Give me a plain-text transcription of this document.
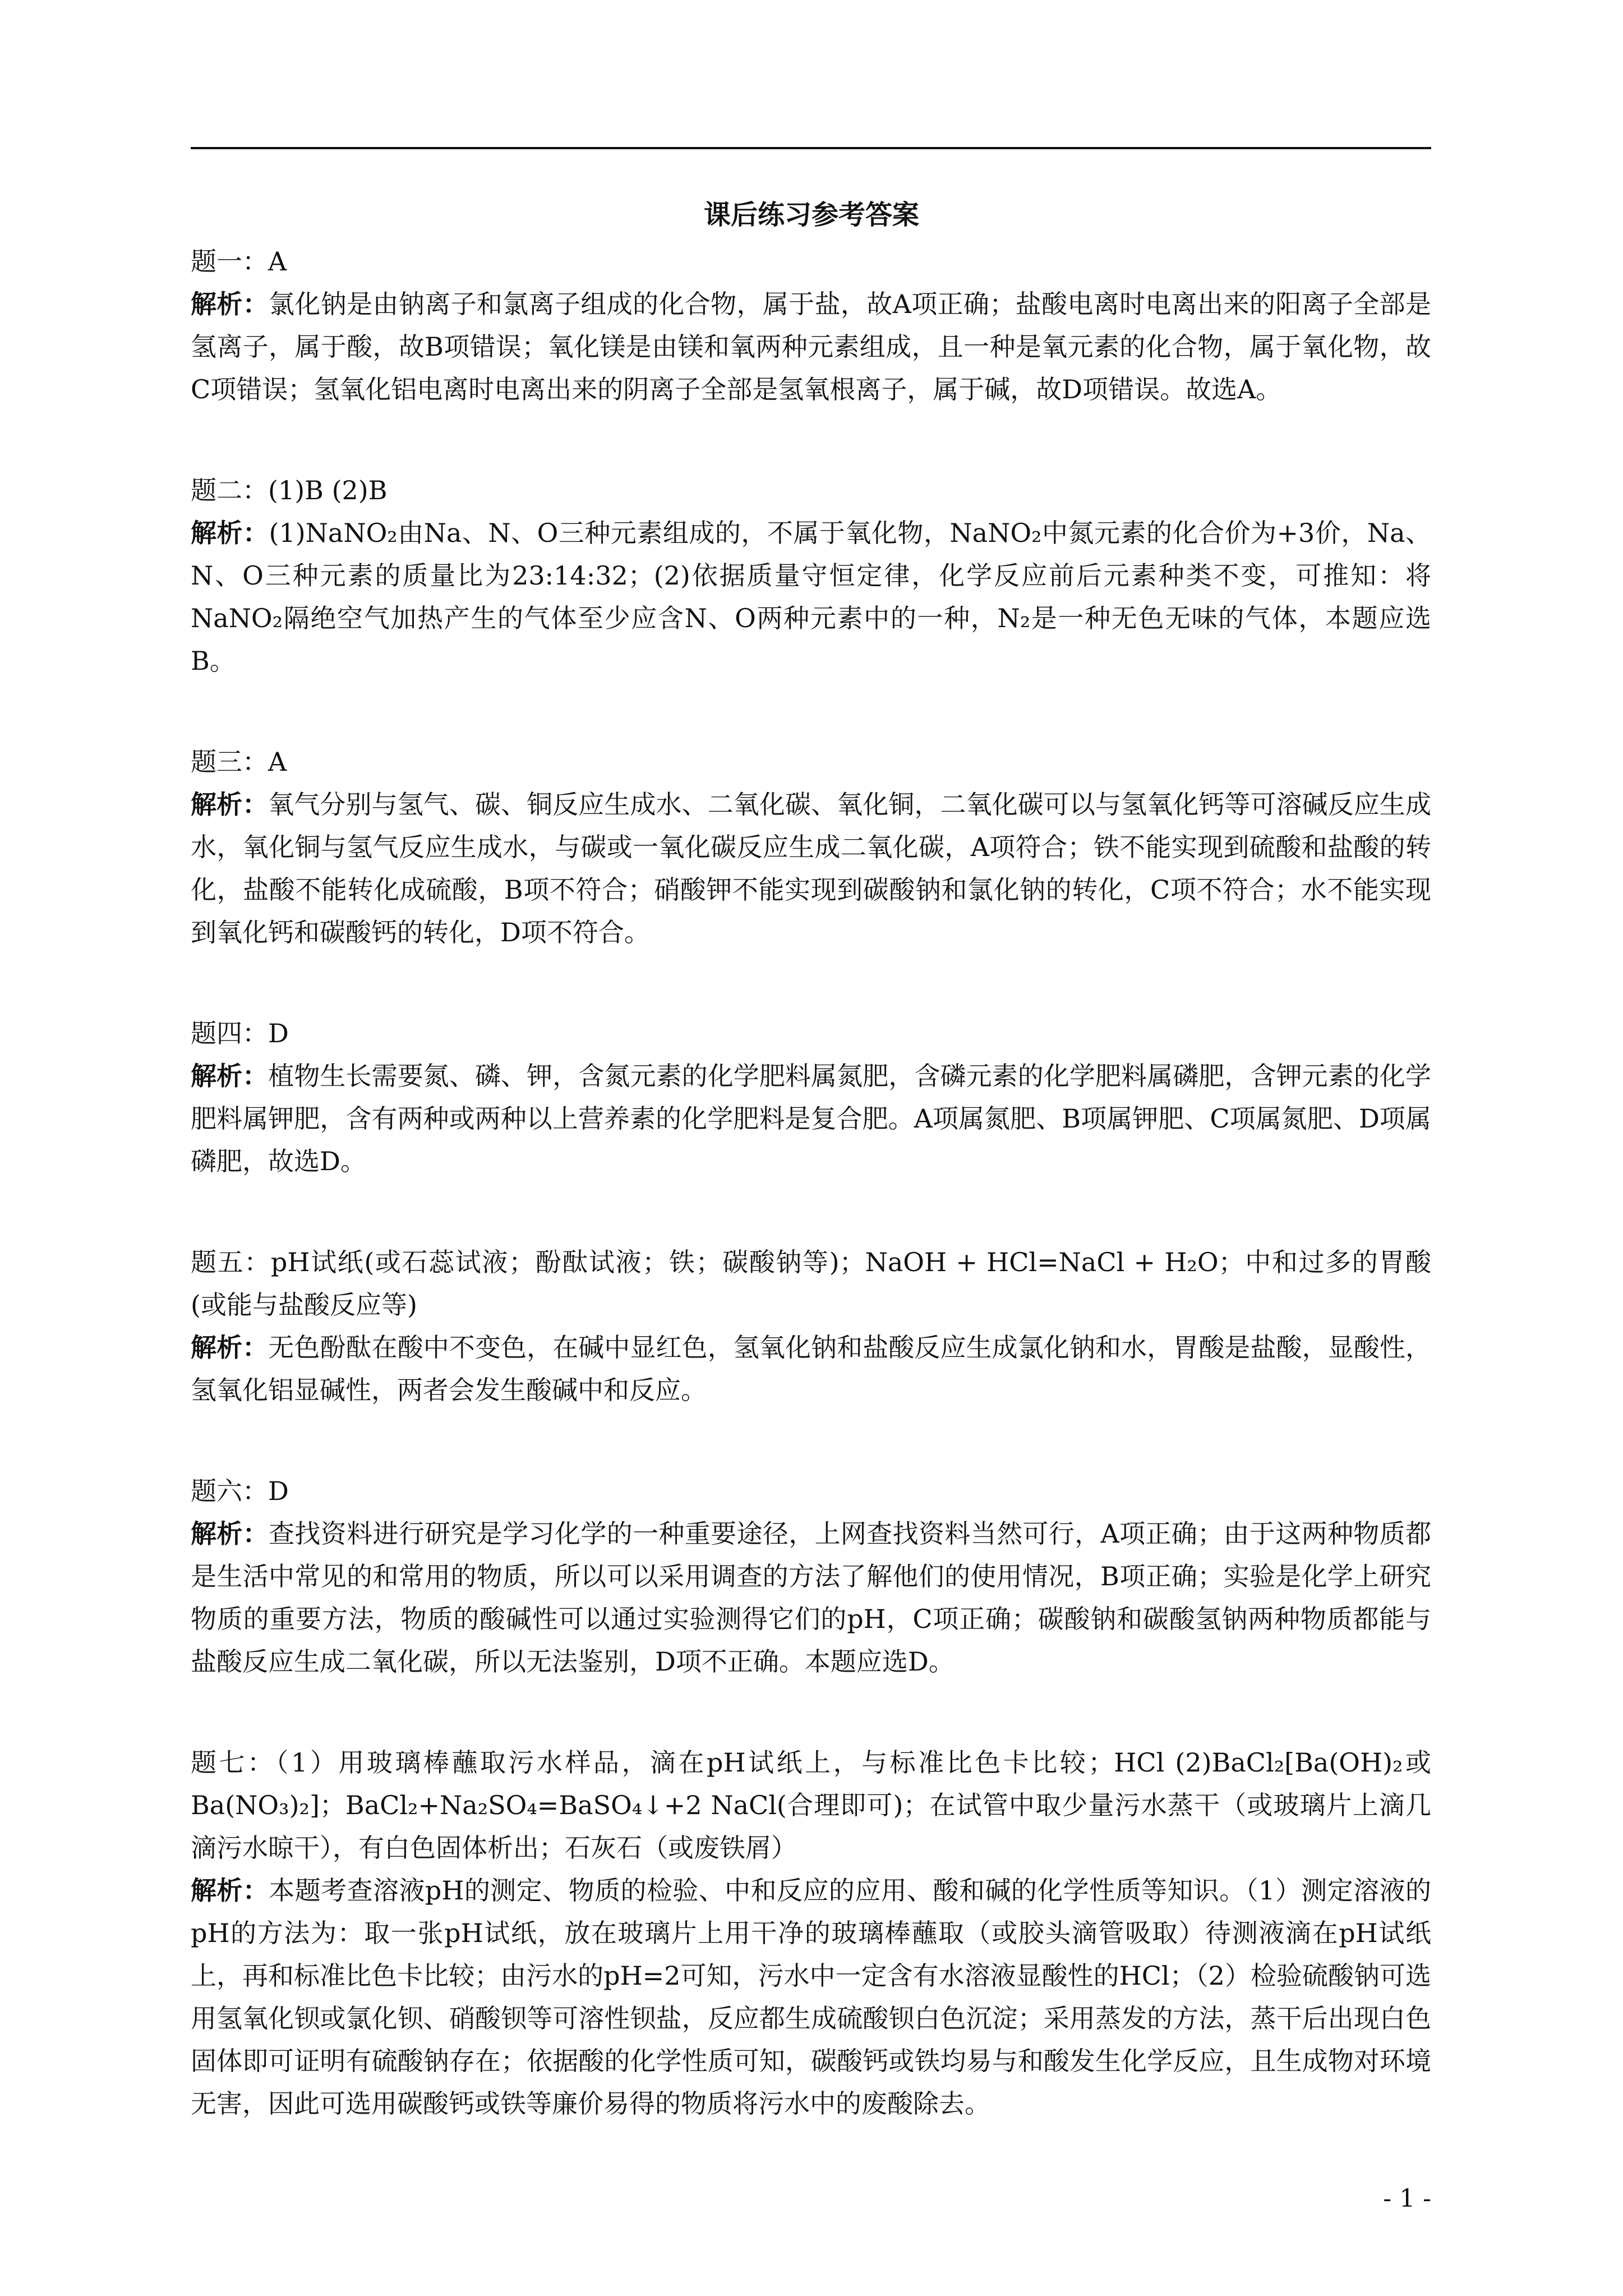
课后练习参考答案

题一：A

解析：氯化钠是由钠离子和氯离子组成的化合物，属于盐，故A项正确；盐酸电离时电离出来的阳离子全部是氢离子，属于酸，故B项错误；氧化镁是由镁和氧两种元素组成，且一种是氧元素的化合物，属于氧化物，故C项错误；氢氧化铝电离时电离出来的阴离子全部是氢氧根离子，属于碱，故D项错误。故选A。

题二：(1)B (2)B

解析：(1)NaNO₂由Na、N、O三种元素组成的，不属于氧化物，NaNO₂中氮元素的化合价为+3价，Na、N、O三种元素的质量比为23:14:32；(2)依据质量守恒定律，化学反应前后元素种类不变，可推知：将NaNO₂隔绝空气加热产生的气体至少应含N、O两种元素中的一种，N₂是一种无色无味的气体，本题应选B。

题三：A

解析：氧气分别与氢气、碳、铜反应生成水、二氧化碳、氧化铜，二氧化碳可以与氢氧化钙等可溶碱反应生成水，氧化铜与氢气反应生成水，与碳或一氧化碳反应生成二氧化碳，A项符合；铁不能实现到硫酸和盐酸的转化，盐酸不能转化成硫酸，B项不符合；硝酸钾不能实现到碳酸钠和氯化钠的转化，C项不符合；水不能实现到氧化钙和碳酸钙的转化，D项不符合。

题四：D

解析：植物生长需要氮、磷、钾，含氮元素的化学肥料属氮肥，含磷元素的化学肥料属磷肥，含钾元素的化学肥料属钾肥，含有两种或两种以上营养素的化学肥料是复合肥。A项属氮肥、B项属钾肥、C项属氮肥、D项属磷肥，故选D。

题五：pH试纸(或石蕊试液；酚酞试液；铁；碳酸钠等)；NaOH + HCl=NaCl + H₂O；中和过多的胃酸(或能与盐酸反应等)

解析：无色酚酞在酸中不变色，在碱中显红色，氢氧化钠和盐酸反应生成氯化钠和水，胃酸是盐酸，显酸性，氢氧化铝显碱性，两者会发生酸碱中和反应。

题六：D

解析：查找资料进行研究是学习化学的一种重要途径，上网查找资料当然可行，A项正确；由于这两种物质都是生活中常见的和常用的物质，所以可以采用调查的方法了解他们的使用情况，B项正确；实验是化学上研究物质的重要方法，物质的酸碱性可以通过实验测得它们的pH，C项正确；碳酸钠和碳酸氢钠两种物质都能与盐酸反应生成二氧化碳，所以无法鉴别，D项不正确。本题应选D。

题七：（1）用玻璃棒蘸取污水样品，滴在pH试纸上，与标准比色卡比较；HCl (2)BaCl₂[Ba(OH)₂或Ba(NO₃)₂]；BaCl₂+Na₂SO₄=BaSO₄↓+2 NaCl(合理即可)；在试管中取少量污水蒸干（或玻璃片上滴几滴污水晾干），有白色固体析出；石灰石（或废铁屑）

解析：本题考查溶液pH的测定、物质的检验、中和反应的应用、酸和碱的化学性质等知识。（1）测定溶液的pH的方法为：取一张pH试纸，放在玻璃片上用干净的玻璃棒蘸取（或胶头滴管吸取）待测液滴在pH试纸上，再和标准比色卡比较；由污水的pH=2可知，污水中一定含有水溶液显酸性的HCl；（2）检验硫酸钠可选用氢氧化钡或氯化钡、硝酸钡等可溶性钡盐，反应都生成硫酸钡白色沉淀；采用蒸发的方法，蒸干后出现白色固体即可证明有硫酸钠存在；依据酸的化学性质可知，碳酸钙或铁均易与和酸发生化学反应，且生成物对环境无害，因此可选用碳酸钙或铁等廉价易得的物质将污水中的废酸除去。

- 1 -
